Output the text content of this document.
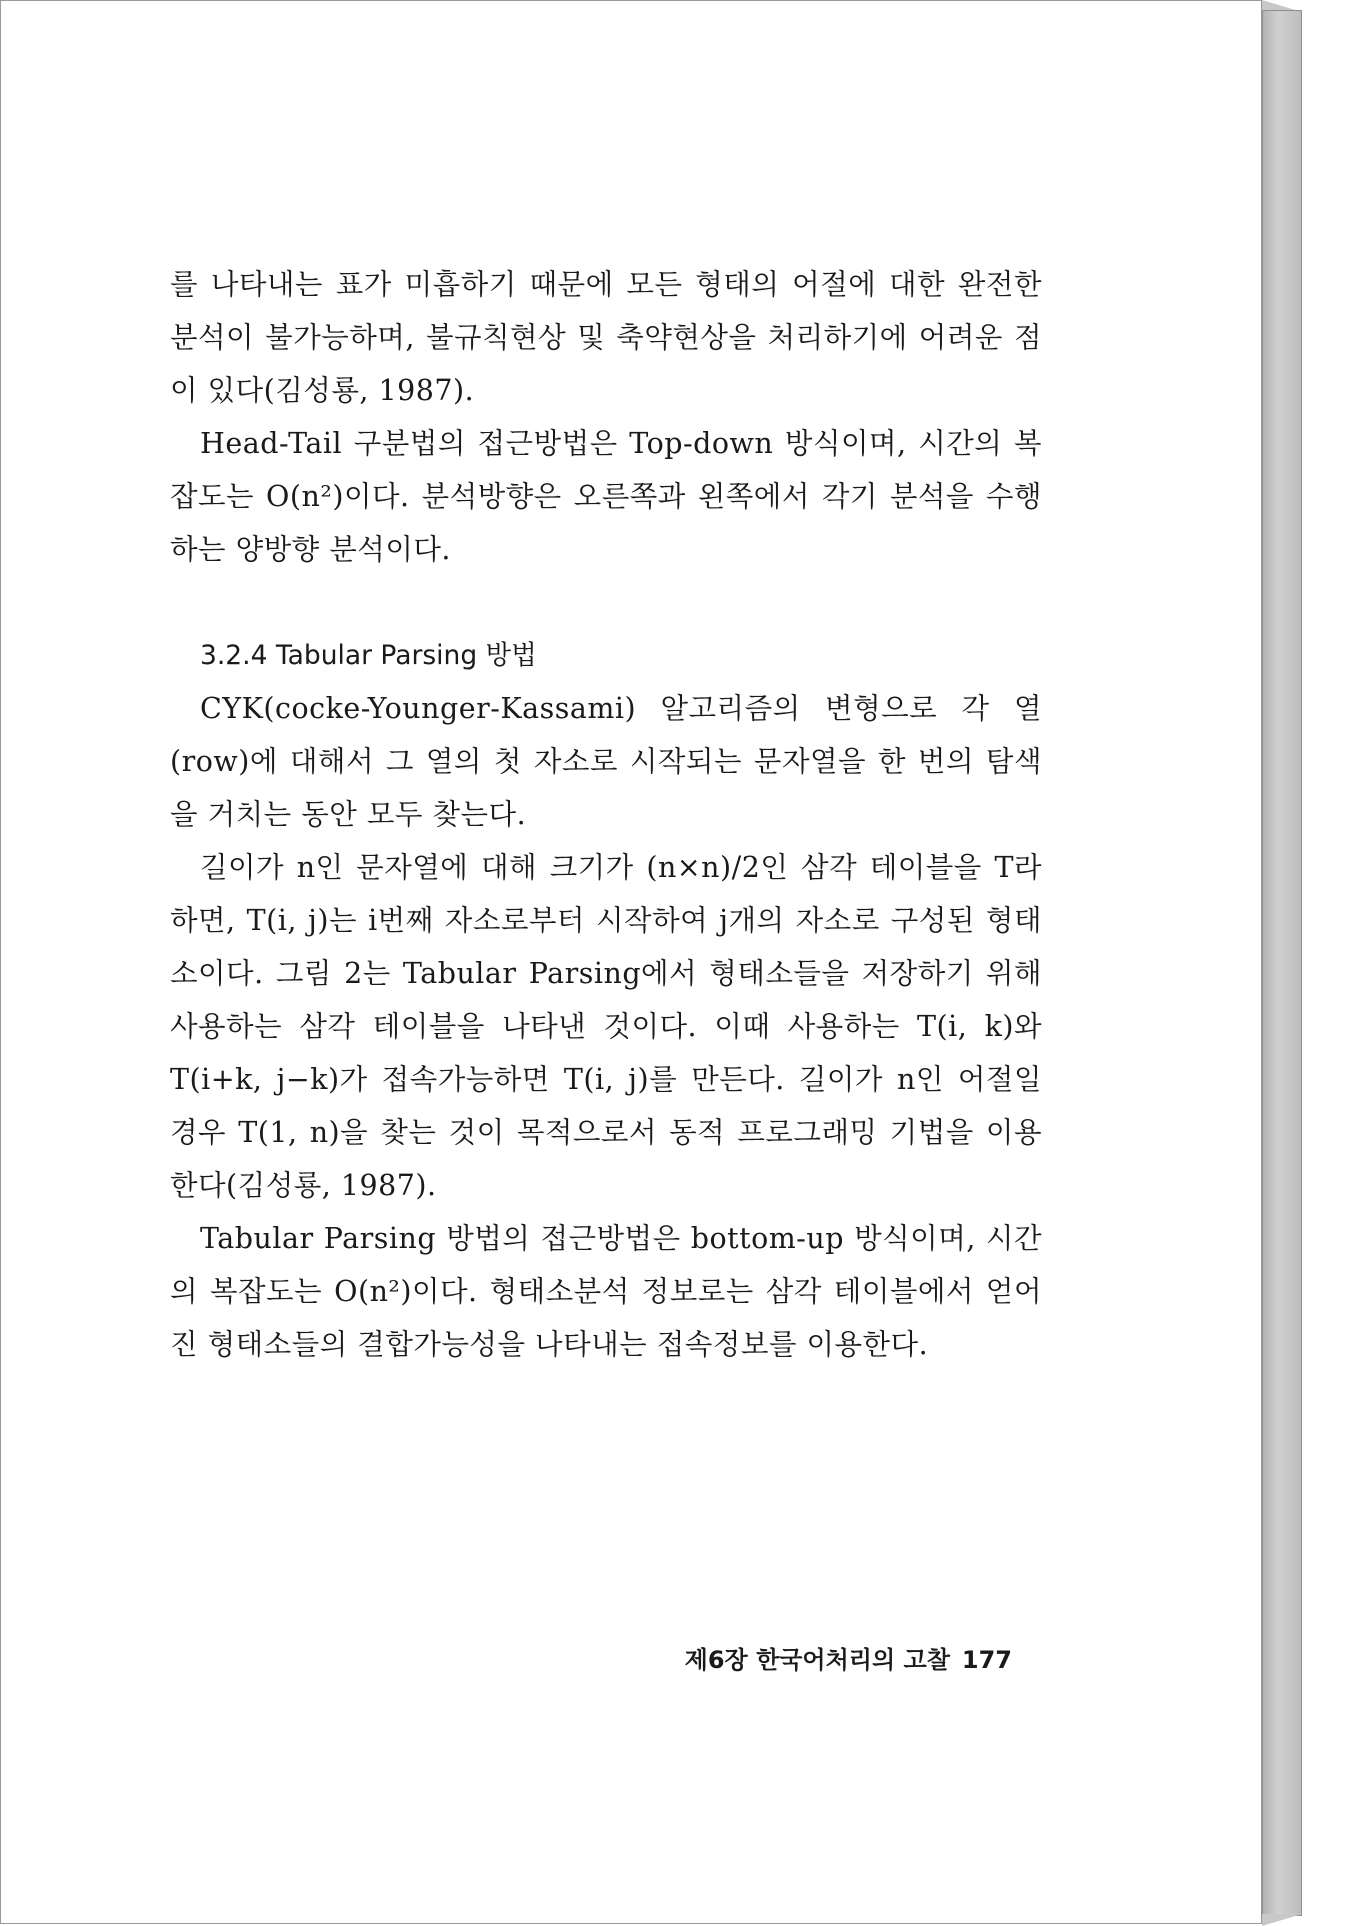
를 나타내는 표가 미흡하기 때문에 모든 형태의 어절에 대한 완전한 분석이 불가능하며, 불규칙현상 및 축약현상을 처리하기에 어려운 점이 있다(김성룡, 1987).

Head-Tail 구분법의 접근방법은 Top-down 방식이며, 시간의 복잡도는 O(n²)이다. 분석방향은 오른쪽과 왼쪽에서 각기 분석을 수행하는 양방향 분석이다.

3.2.4 Tabular Parsing 방법

CYK(cocke-Younger-Kassami) 알고리즘의 변형으로 각 열(row)에 대해서 그 열의 첫 자소로 시작되는 문자열을 한 번의 탐색을 거치는 동안 모두 찾는다.

길이가 n인 문자열에 대해 크기가 (n×n)/2인 삼각 테이블을 T라 하면, T(i, j)는 i번째 자소로부터 시작하여 j개의 자소로 구성된 형태소이다. 그림 2는 Tabular Parsing에서 형태소들을 저장하기 위해 사용하는 삼각 테이블을 나타낸 것이다. 이때 사용하는 T(i, k)와 T(i+k, j−k)가 접속가능하면 T(i, j)를 만든다. 길이가 n인 어절일 경우 T(1, n)을 찾는 것이 목적으로서 동적 프로그래밍 기법을 이용한다(김성룡, 1987).

Tabular Parsing 방법의 접근방법은 bottom-up 방식이며, 시간의 복잡도는 O(n²)이다. 형태소분석 정보로는 삼각 테이블에서 얻어진 형태소들의 결합가능성을 나타내는 접속정보를 이용한다.

제6장 한국어처리의 고찰 177
